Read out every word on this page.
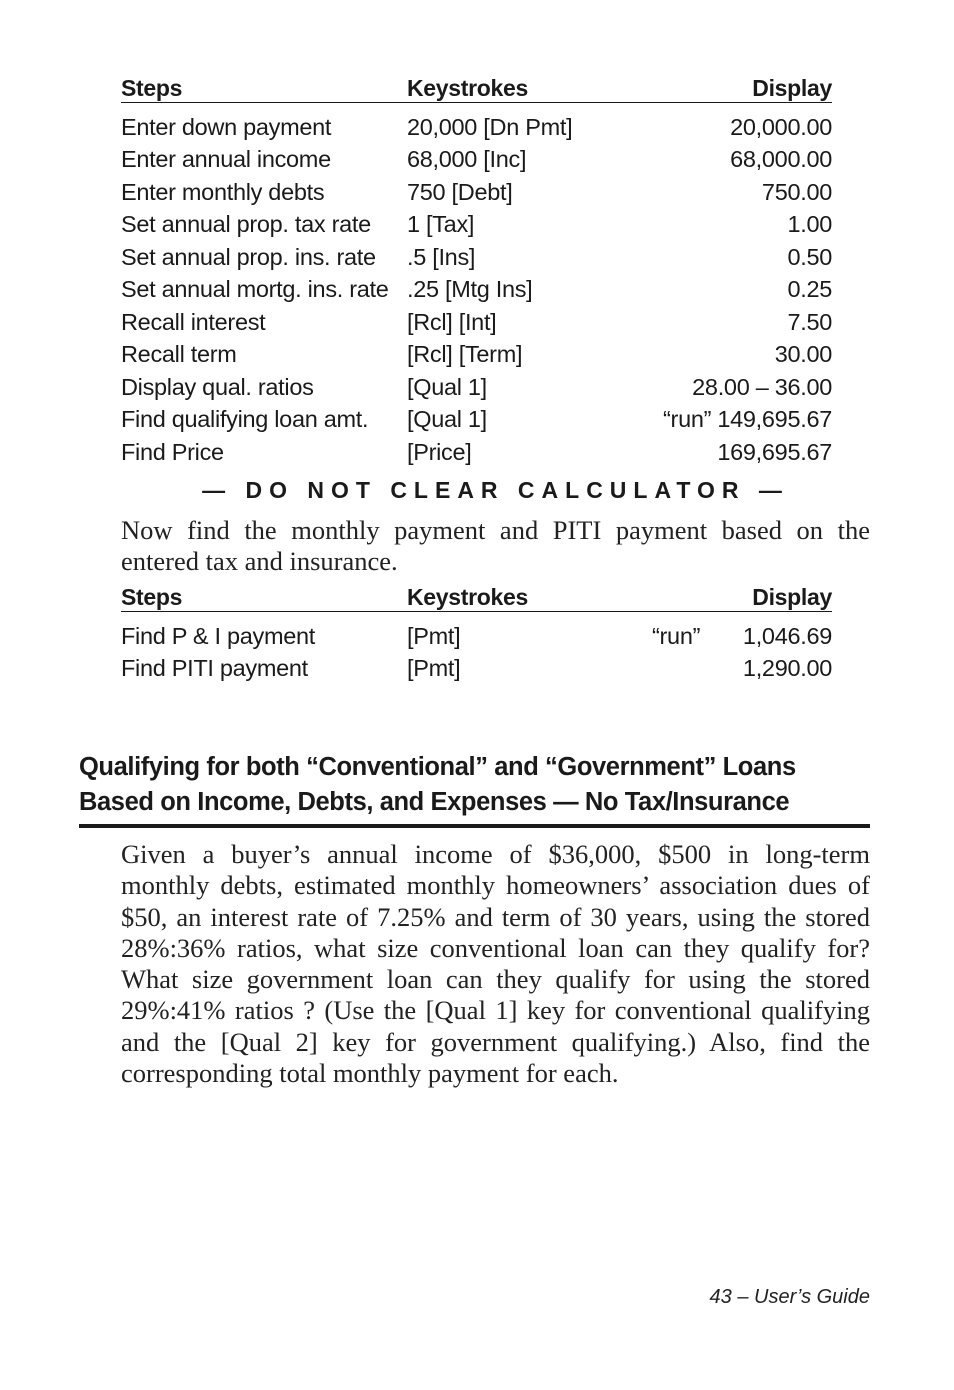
Steps	Keystrokes	Display
Enter down payment	20,000 [Dn Pmt]	20,000.00
Enter annual income	68,000 [Inc]	68,000.00
Enter monthly debts	750 [Debt]	750.00
Set annual prop. tax rate	1 [Tax]	1.00
Set annual prop. ins. rate	.5 [Ins]	0.50
Set annual mortg. ins. rate .25 [Mtg Ins]	0.25
Recall interest	[Rcl] [Int]	7.50
Recall term	[Rcl] [Term]	30.00
Display qual. ratios	[Qual 1]	28.00 – 36.00
Find qualifying loan amt.	[Qual 1]	“run” 149,695.67
Find Price	[Price]	169,695.67
— DO NOT CLEAR CALCULATOR —
Now find the monthly payment and PITI payment based on the entered tax and insurance.
Steps	Keystrokes	Display
Find P & I payment	[Pmt]	“run”	1,046.69
Find PITI payment	[Pmt]	1,290.00
Qualifying for both “Conventional” and “Government” Loans Based on Income, Debts, and Expenses — No Tax/Insurance
Given a buyer’s annual income of $36,000, $500 in long-term monthly debts, estimated monthly homeowners’ association dues of $50, an interest rate of 7.25% and term of 30 years, using the stored 28%:36% ratios, what size conventional loan can they qualify for? What size government loan can they qualify for using the stored 29%:41% ratios ? (Use the [Qual 1] key for conventional qualifying and the [Qual 2] key for government qualifying.) Also, find the corresponding total monthly payment for each.
43 – User’s Guide
